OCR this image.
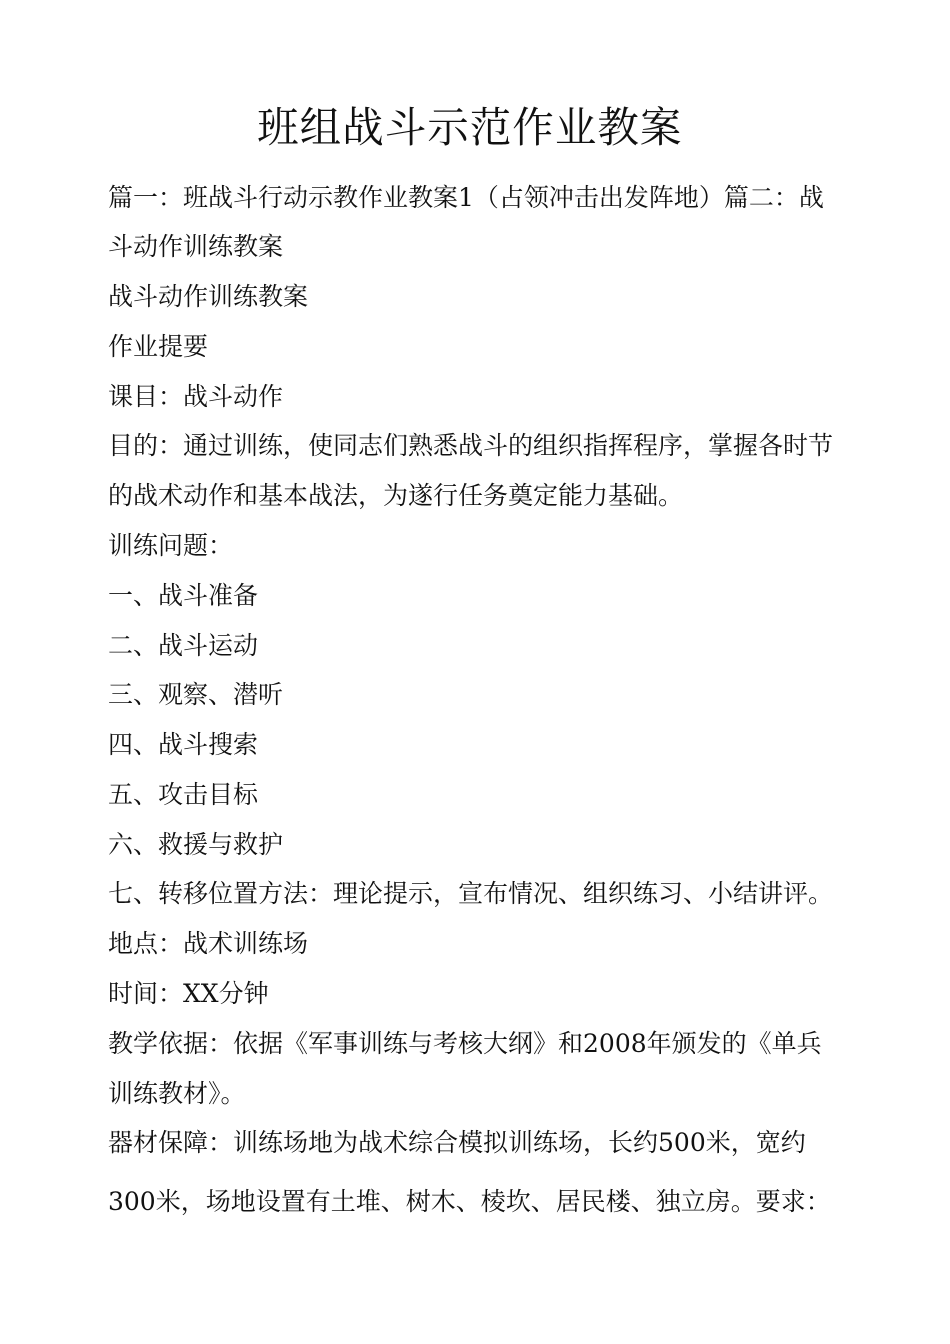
班组战斗示范作业教案
篇一：班战斗行动示教作业教案1（占领冲击出发阵地）篇二：战
斗动作训练教案
战斗动作训练教案
作业提要
课目：战斗动作
目的：通过训练，使同志们熟悉战斗的组织指挥程序，掌握各时节
的战术动作和基本战法，为遂行任务奠定能力基础。
训练问题：
一、战斗准备
二、战斗运动
三、观察、潜听
四、战斗搜索
五、攻击目标
六、救援与救护
七、转移位置方法：理论提示，宣布情况、组织练习、小结讲评。
地点：战术训练场
时间：XX分钟
教学依据：依据《军事训练与考核大纲》和2008年颁发的《单兵
训练教材》。
器材保障：训练场地为战术综合模拟训练场，长约500米，宽约
300米，场地设置有土堆、树木、棱坎、居民楼、独立房。要求：
